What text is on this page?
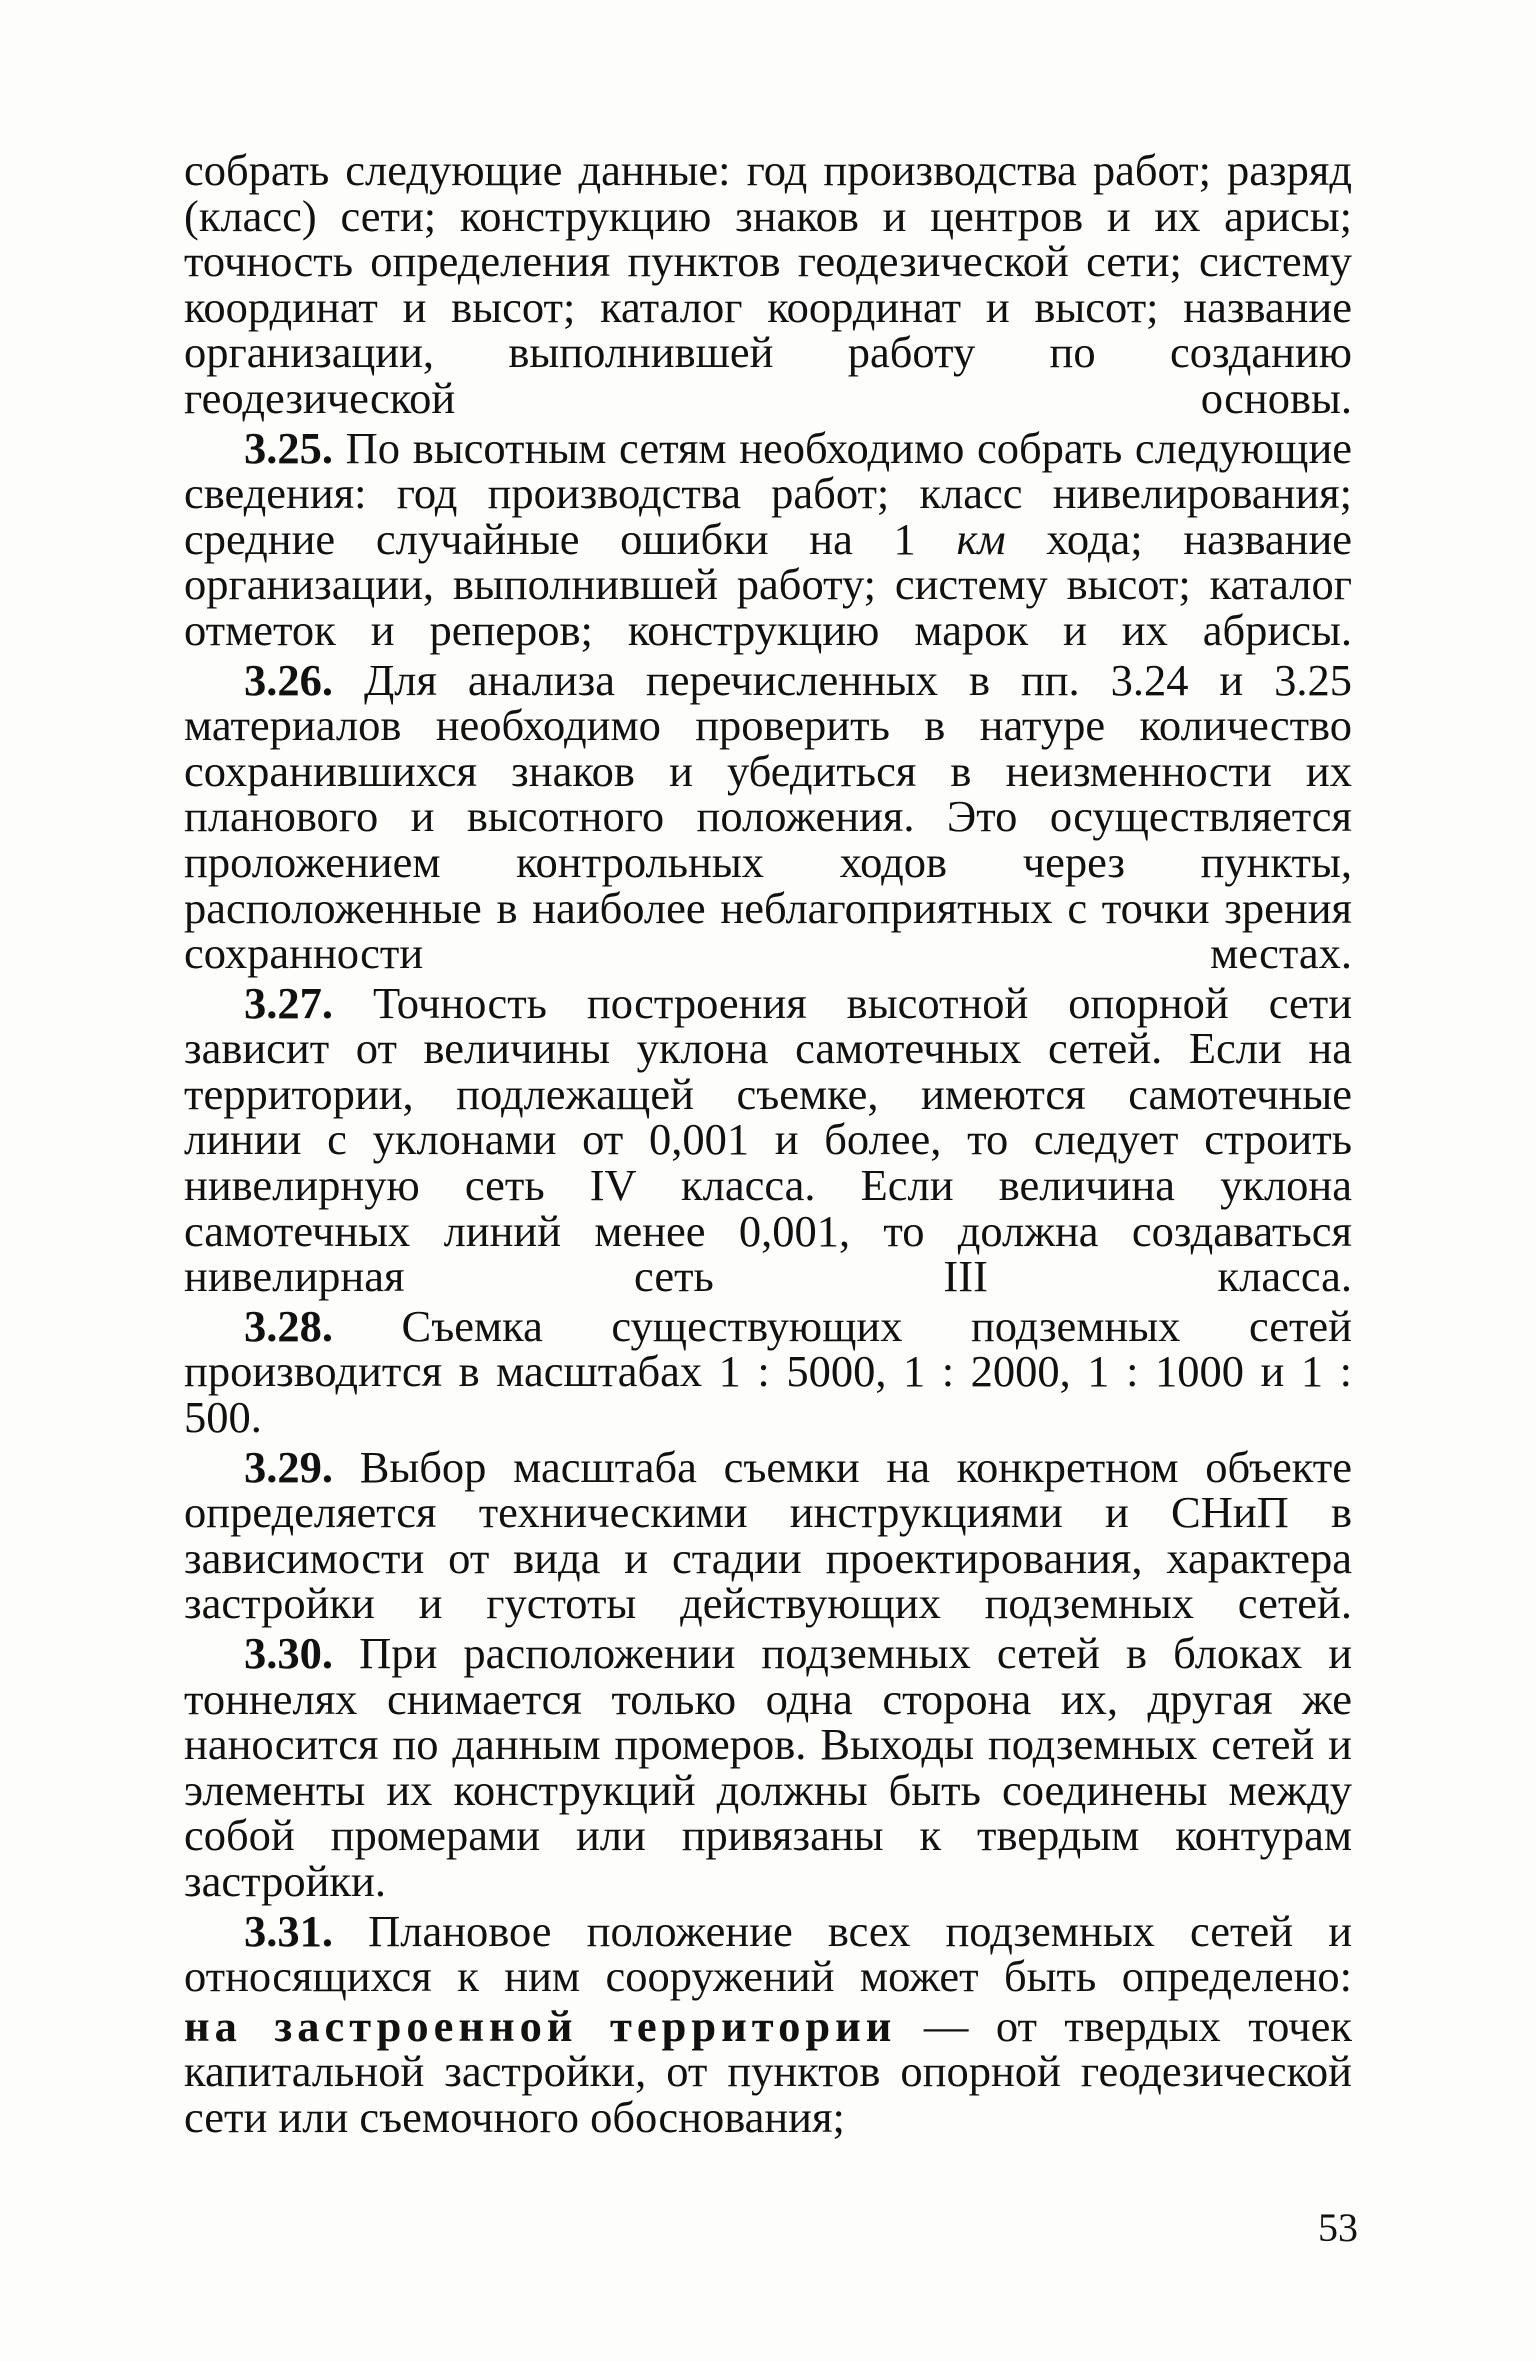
собрать следующие данные: год производства работ; разряд (класс) сети; конструкцию знаков и центров и их арисы; точность определения пунктов геодезической сети; систему координат и высот; каталог координат и высот; название организации, выполнившей работу по созданию геодезической основы.

3.25. По высотным сетям необходимо собрать следующие сведения: год производства работ; класс нивелирования; средние случайные ошибки на 1 км хода; название организации, выполнившей работу; систему высот; каталог отметок и реперов; конструкцию марок и их абрисы.

3.26. Для анализа перечисленных в пп. 3.24 и 3.25 материалов необходимо проверить в натуре количество сохранившихся знаков и убедиться в неизменности их планового и высотного положения. Это осуществляется проложением контрольных ходов через пункты, расположенные в наиболее неблагоприятных с точки зрения сохранности местах.

3.27. Точность построения высотной опорной сети зависит от величины уклона самотечных сетей. Если на территории, подлежащей съемке, имеются самотечные линии с уклонами от 0,001 и более, то следует строить нивелирную сеть IV класса. Если величина уклона самотечных линий менее 0,001, то должна создаваться нивелирная сеть III класса.

3.28. Съемка существующих подземных сетей производится в масштабах 1 : 5000, 1 : 2000, 1 : 1000 и 1 : 500.

3.29. Выбор масштаба съемки на конкретном объекте определяется техническими инструкциями и СНиП в зависимости от вида и стадии проектирования, характера застройки и густоты действующих подземных сетей.

3.30. При расположении подземных сетей в блоках и тоннелях снимается только одна сторона их, другая же наносится по данным промеров. Выходы подземных сетей и элементы их конструкций должны быть соединены между собой промерами или привязаны к твердым контурам застройки.

3.31. Плановое положение всех подземных сетей и относящихся к ним сооружений может быть определено:

на застроенной территории — от твердых точек капитальной застройки, от пунктов опорной геодезической сети или съемочного обоснования;

53
